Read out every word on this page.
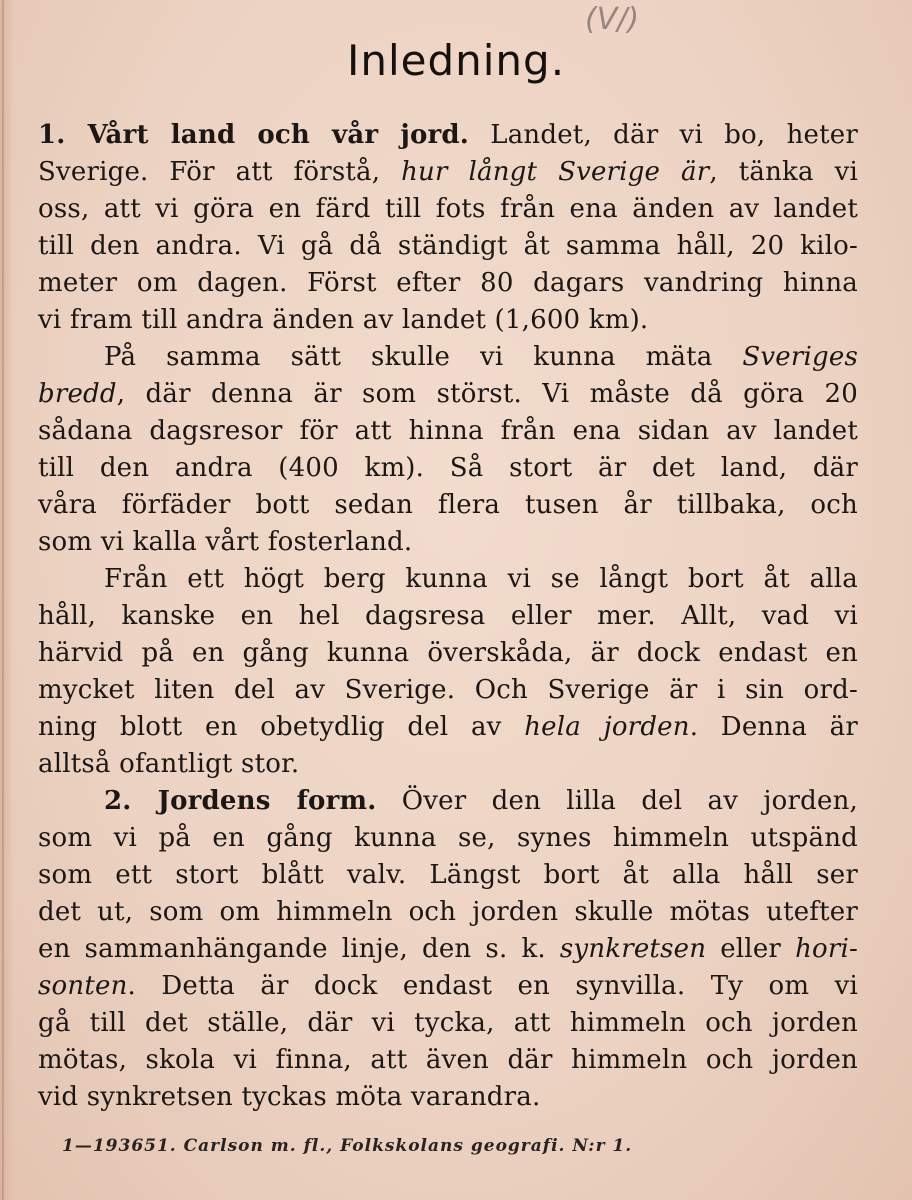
(V/)
Inledning.
1. Vårt land och vår jord. Landet, där vi bo, heter
Sverige. För att förstå, hur långt Sverige är, tänka vi
oss, att vi göra en färd till fots från ena änden av landet
till den andra. Vi gå då ständigt åt samma håll, 20 kilo-
meter om dagen. Först efter 80 dagars vandring hinna
vi fram till andra änden av landet (1,600 km).
På samma sätt skulle vi kunna mäta Sveriges
bredd, där denna är som störst. Vi måste då göra 20
sådana dagsresor för att hinna från ena sidan av landet
till den andra (400 km). Så stort är det land, där
våra förfäder bott sedan flera tusen år tillbaka, och
som vi kalla vårt fosterland.
Från ett högt berg kunna vi se långt bort åt alla
håll, kanske en hel dagsresa eller mer. Allt, vad vi
härvid på en gång kunna överskåda, är dock endast en
mycket liten del av Sverige. Och Sverige är i sin ord-
ning blott en obetydlig del av hela jorden. Denna är
alltså ofantligt stor.
2. Jordens form. Över den lilla del av jorden,
som vi på en gång kunna se, synes himmeln utspänd
som ett stort blått valv. Längst bort åt alla håll ser
det ut, som om himmeln och jorden skulle mötas utefter
en sammanhängande linje, den s. k. synkretsen eller hori-
sonten. Detta är dock endast en synvilla. Ty om vi
gå till det ställe, där vi tycka, att himmeln och jorden
mötas, skola vi finna, att även där himmeln och jorden
vid synkretsen tyckas möta varandra.
1—193651. Carlson m. fl., Folkskolans geografi. N:r 1.
